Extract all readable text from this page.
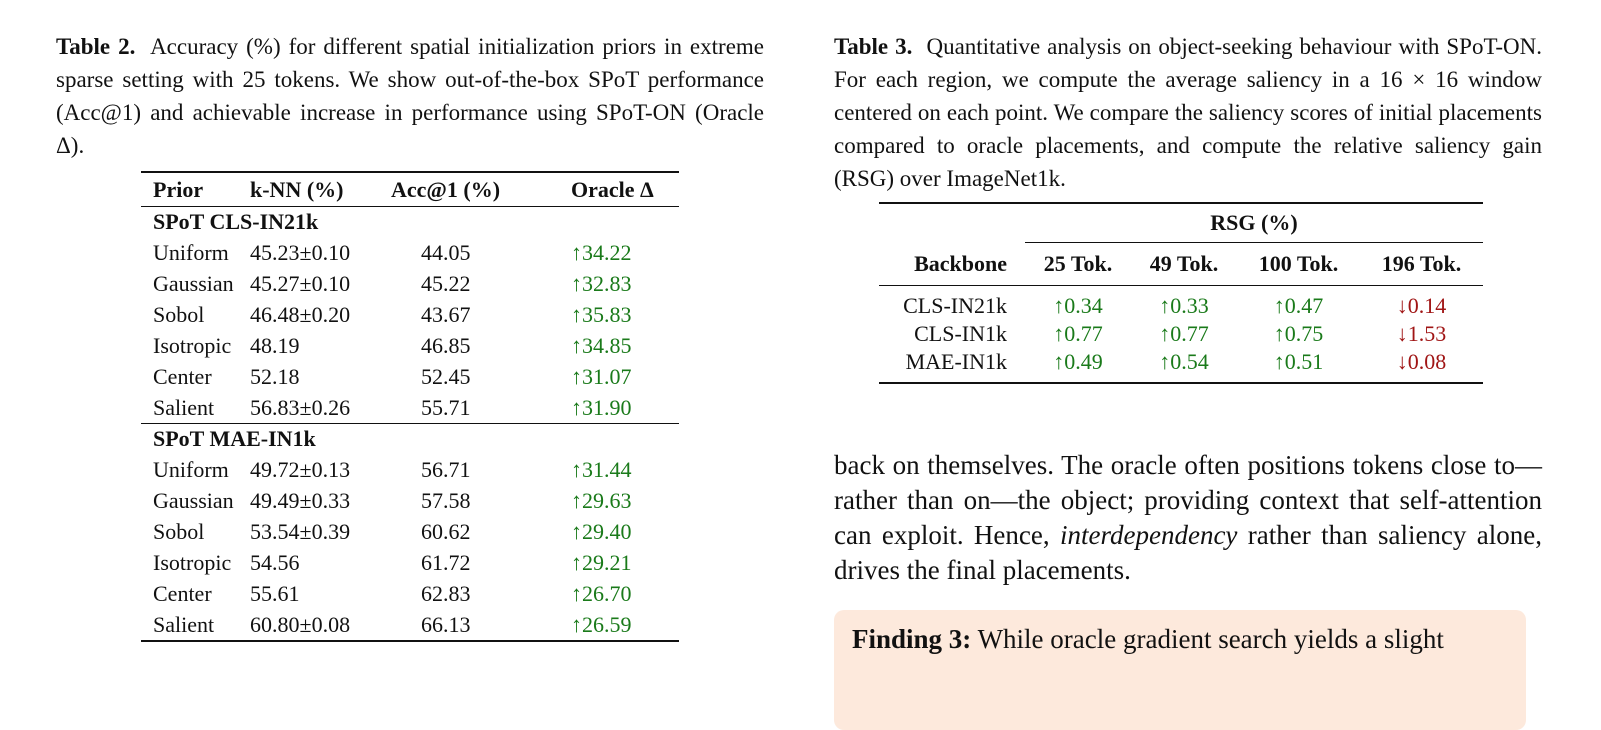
Table 2. Accuracy (%) for different spatial initialization priors in extreme sparse setting with 25 tokens. We show out-of-the-box SPoT performance (Acc@1) and achievable increase in performance using SPoT-ON (Oracle Δ).

Prior	k-NN (%)	Acc@1 (%)	Oracle Δ
SPoT CLS-IN21k			
Uniform	45.23±0.10	44.05	↑34.22
Gaussian	45.27±0.10	45.22	↑32.83
Sobol	46.48±0.20	43.67	↑35.83
Isotropic	48.19	46.85	↑34.85
Center	52.18	52.45	↑31.07
Salient	56.83±0.26	55.71	↑31.90
SPoT MAE-IN1k			
Uniform	49.72±0.13	56.71	↑31.44
Gaussian	49.49±0.33	57.58	↑29.63
Sobol	53.54±0.39	60.62	↑29.40
Isotropic	54.56	61.72	↑29.21
Center	55.61	62.83	↑26.70
Salient	60.80±0.08	66.13	↑26.59

Table 3. Quantitative analysis on object-seeking behaviour with SPoT-ON. For each region, we compute the average saliency in a 16 × 16 window centered on each point. We compare the saliency scores of initial placements compared to oracle placements, and compute the relative saliency gain (RSG) over ImageNet1k.

	RSG (%)			
Backbone	25 Tok.	49 Tok.	100 Tok.	196 Tok.
CLS-IN21k	↑0.34	↑0.33	↑0.47	↓0.14
CLS-IN1k	↑0.77	↑0.77	↑0.75	↓1.53
MAE-IN1k	↑0.49	↑0.54	↑0.51	↓0.08

back on themselves. The oracle often positions tokens close to—rather than on—the object; providing context that self-attention can exploit. Hence, interdependency rather than saliency alone, drives the final placements.

Finding 3: While oracle gradient search yields a slight
